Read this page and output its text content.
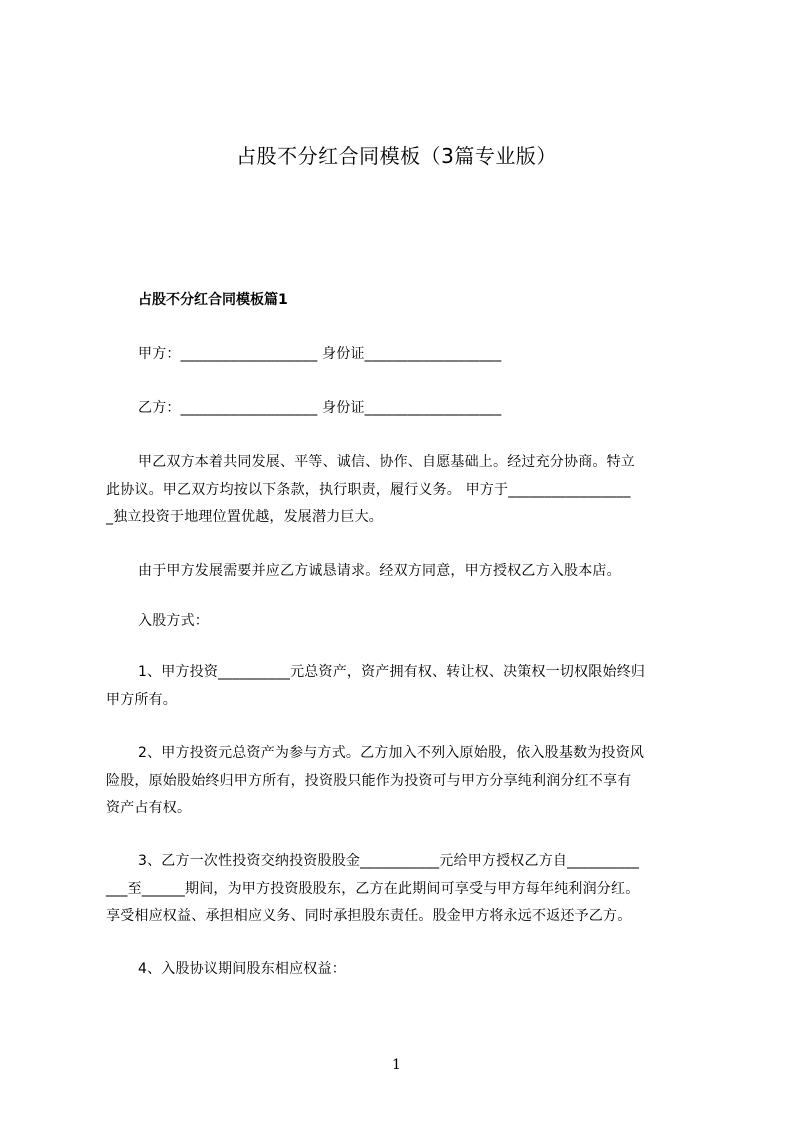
占股不分红合同模板（3篇专业版）
占股不分红合同模板篇1
甲方：___________________ 身份证___________________
乙方：___________________ 身份证___________________
甲乙双方本着共同发展、平等、诚信、协作、自愿基础上。经过充分协商。特立
此协议。甲乙双方均按以下条款，执行职责，履行义务。 甲方于_________________
_独立投资于地理位置优越，发展潜力巨大。
由于甲方发展需要并应乙方诚恳请求。经双方同意，甲方授权乙方入股本店。
入股方式：
1、甲方投资__________元总资产，资产拥有权、转让权、决策权一切权限始终归
甲方所有。
2、甲方投资元总资产为参与方式。乙方加入不列入原始股，依入股基数为投资风
险股，原始股始终归甲方所有，投资股只能作为投资可与甲方分享纯利润分红不享有
资产占有权。
3、乙方一次性投资交纳投资股股金___________元给甲方授权乙方自__________
___至______期间，为甲方投资股股东，乙方在此期间可享受与甲方每年纯利润分红。
享受相应权益、承担相应义务、同时承担股东责任。股金甲方将永远不返还予乙方。
4、入股协议期间股东相应权益：
1
